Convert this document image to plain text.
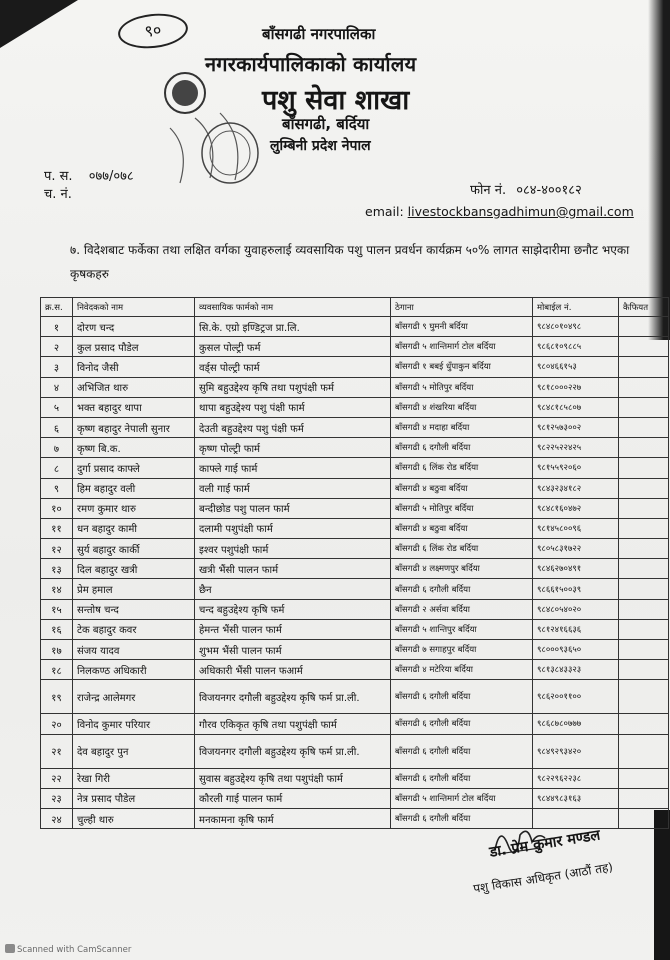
९०	बाँसगढी नगरपालिका
नगरकार्यपालिकाको कार्यालय
पशु सेवा शाखा
बाँसगढी, बर्दिया
लुम्बिनी प्रदेश नेपाल
प. स. ०७७/०७८
च. नं.	फोन नं. ०८४-४००१८२
email: livestockbansgadhimun@gmail.com
७. विदेशबाट फर्केका तथा लक्षित वर्गका युवाहरुलाई व्यवसायिक पशु पालन प्रवर्धन कार्यक्रम ५०% लागत साझेदारीमा छनौट भएका कृषकहरु
क्र.स.	निवेदकको नाम	व्यवसायिक फार्मको नाम	ठेगाना	मोबाईल नं.	कैफियत
१	दोरण चन्द	सि.के. एग्रो इण्डिट्रज प्रा.लि.	बाँसग‍ढी ९ घुमनी बर्दिया	९८४८०१०४९८	
२	कुल प्रसाद पौडेल	कुसल पोल्ट्री फर्म	बाँसगढी ५ शान्तिमार्ग टोल बर्दिया	९८६८१०९८८५	
३	विनोद जैसी	वर्ड्स पोल्ट्री फार्म	बाँसगढी १ बबई धुँपाकुन बर्दिया	९८०४६६१५३	
४	अभिजित थारु	सुमि बहुउद्देश्य कृषि तथा पशुपंक्षी फर्म	बाँसगढी ५ मोतिपुर बर्दिया	९८१८०००२२७	
५	भक्त बहादुर थापा	थापा बहुउद्देश्य पशु पंक्षी फार्म	बाँसगढी ४ शंखरिया बर्दिया	९८४८१८५८०७	
६	कृष्ण बहादुर नेपाली सुनार	देउती बहुउद्देश्य पशु पंक्षी फर्म	बाँसगढी ४ मदाहा बर्दिया	९८१२५७३००२	
७	कृष्ण बि.क.	कृष्ण पोल्ट्री फार्म	बाँसगढी ६ दगौली बर्दिया	९८२२५२२४२५	
८	दुर्गा प्रसाद काफ्ले	काफ्ले गाई फार्म	बाँसगढी ६ लिंक रोड बर्दिया	९८१५५९२०६०	
९	हिम बहादुर वली	वली गाई फार्म	बाँसगढी ४ बठुवा बर्दिया	९८४३२३४१८२	
१०	रमण कुमार थारु	बन्दीछोड पशु पालन फार्म	बाँसगढी ५ मोतिपुर बर्दिया	९८४८१६०४७२	
११	धन बहादुर कामी	दलामी पशुपंक्षी फार्म	बाँसगढी ४ बठुवा बर्दिया	९८१४५८००९६	
१२	सुर्य बहादुर कार्की	इश्वर पशुपंक्षी फार्म	बाँसगढी ६ लिंक रोड बर्दिया	९८०५८३१७२२	
१३	दिल बहादुर खत्री	खत्री भैंसी पालन फार्म	बाँसगढी ४ लक्ष्मणपुर बर्दिया	९८४६२७०४९१	
१४	प्रेम हमाल	छैन	बाँसगढी ६ दगौली बर्दिया	९८६६१५००३९	
१५	सन्तोष चन्द	चन्द बहुउद्देश्य कृषि फर्म	बाँसगढी २ अर्सवा बर्दिया	९८४८०५४०२०	
१६	टेक बहादुर कवर	हेमन्त भैंसी पालन फार्म	बाँसगढी ५ शान्तिपुर बर्दिया	९८१२४१६६३६	
१७	संजय यादव	शुभम भैंसी पालन फार्म	बाँसगढी ७ सगाहपुर बर्दिया	९८०००९३६५०	
१८	निलकण्ठ अधिकारी	अधिकारी भैंसी पालन फआर्म	बाँसगढी ४ मटेरिया बर्दिया	९८१३८४३३२३	
१९	राजेन्द्र आलेमगर	विजयनगर दगौली बहुउद्देश्य कृषि फर्म प्रा.ली.	बाँसगढी ६ दगौली बर्दिया	९८६२००११००	
२०	विनोद कुमार परियार	गौरव एकिकृत कृषि तथा पशुपंक्षी फार्म	बाँसगढी ६ दगौली बर्दिया	९८६८७८०७७७	
२१	देव बहादुर पुन	विजयनगर दगौली बहुउद्देश्य कृषि फर्म प्रा.ली.	बाँसगढी ६ दगौली बर्दिया	९८४९२९३४२०	
२२	रेखा गिरी	सुवास बहुउद्देश्य कृषि तथा पशुपंक्षी फार्म	बाँसगढी ६ दगौली बर्दिया	९८२२९६२२३८	
२३	नेत्र प्रसाद पौडेल	कौरली गाई पालन फार्म	बाँसगढी ५ शान्तिमार्ग टोल बर्दिया	९८४४९८३१६३	
२४	चुल्ही थारु	मनकामना कृषि फार्म	बाँसगढी ६ दगौली बर्दिया		
डा. प्रेम कुमार मण्डल
पशु विकास अधिकृत (आठौं तह)
Scanned with CamScanner
